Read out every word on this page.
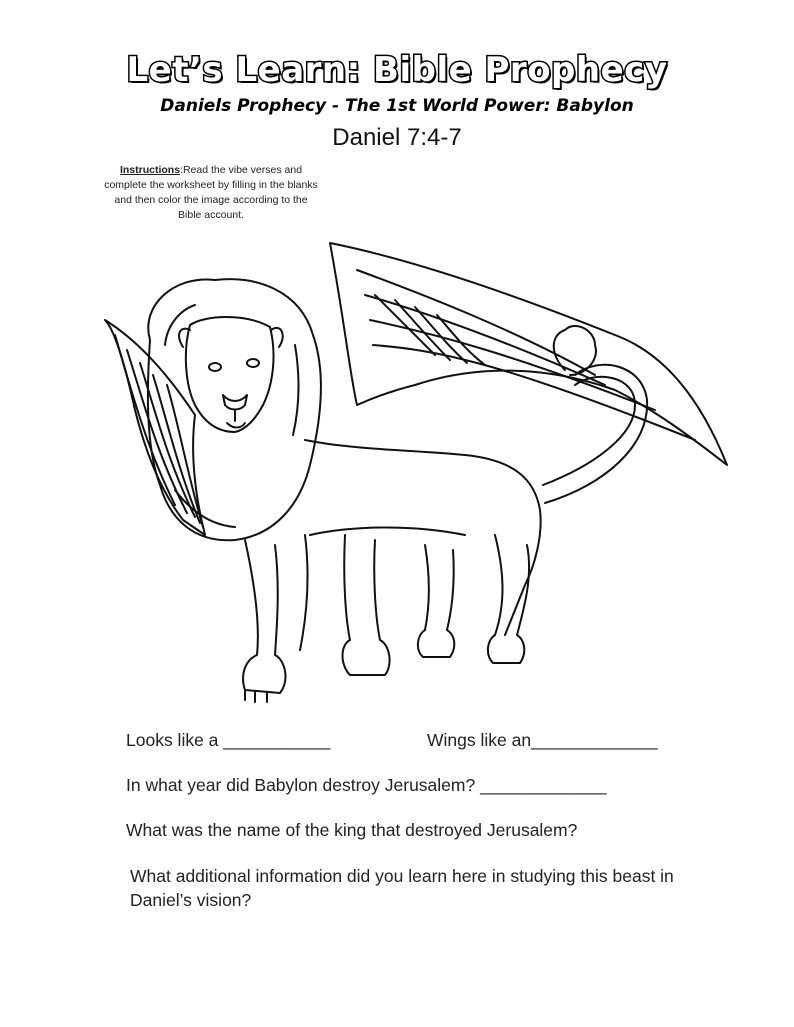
Let’s Learn: Bible Prophecy
Daniels Prophecy - The 1st World Power: Babylon
Daniel 7:4-7
Instructions:Read the vibe verses and complete the worksheet by filling in the blanks and then color the image according to the Bible account.
Looks like a ___________	Wings like an_____________
In what year did Babylon destroy Jerusalem? _____________
What was the name of the king that destroyed Jerusalem?
What additional information did you learn here in studying this beast in Daniel’s vision?
